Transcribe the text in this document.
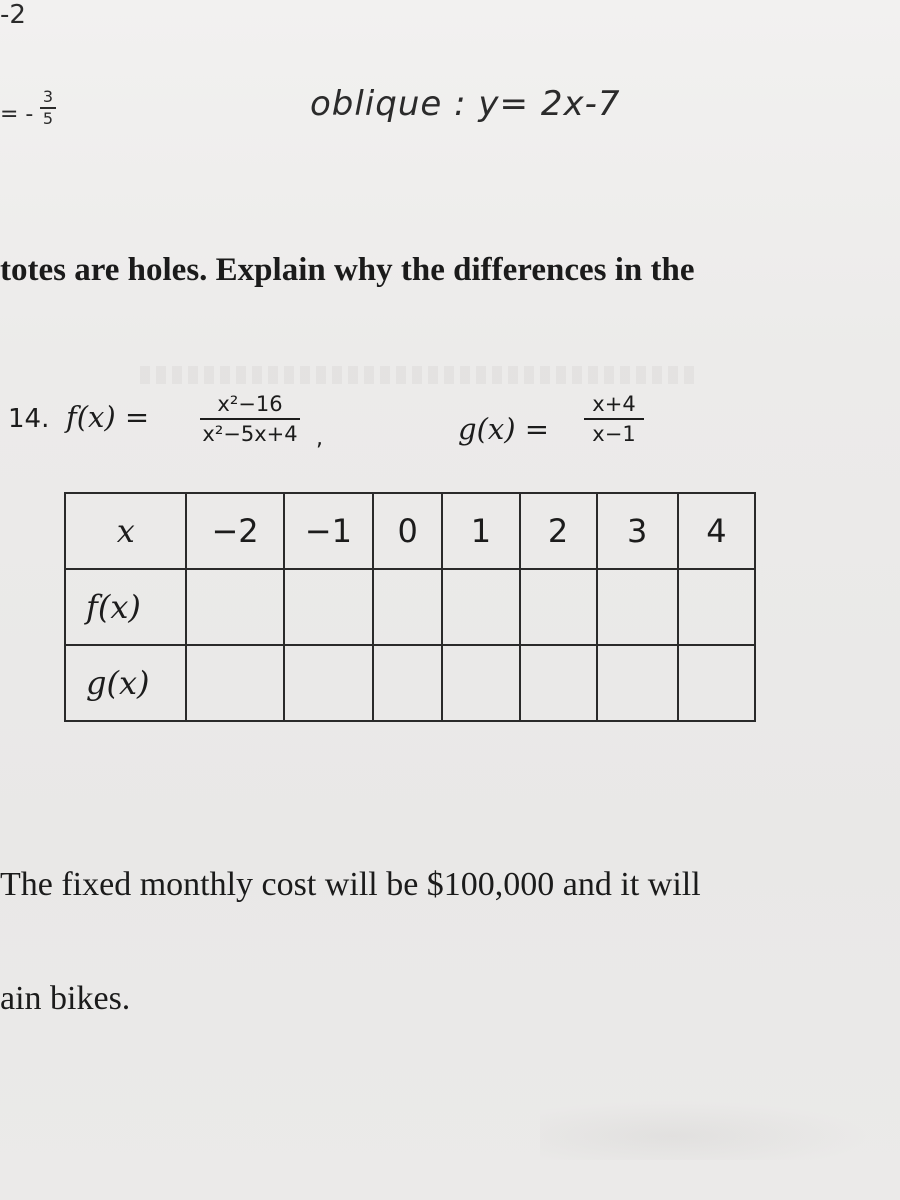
-2
= -
3
5	oblique : y= 2x-7
totes are holes. Explain why the differences in the
14. f(x) =	x²−16
x²−5x+4 ,	g(x) =
x+4
x−1
x	−2	−1	0	1	2	3	4
f(x)							
g(x)							
The fixed monthly cost will be $100,000 and it will
ain bikes.
